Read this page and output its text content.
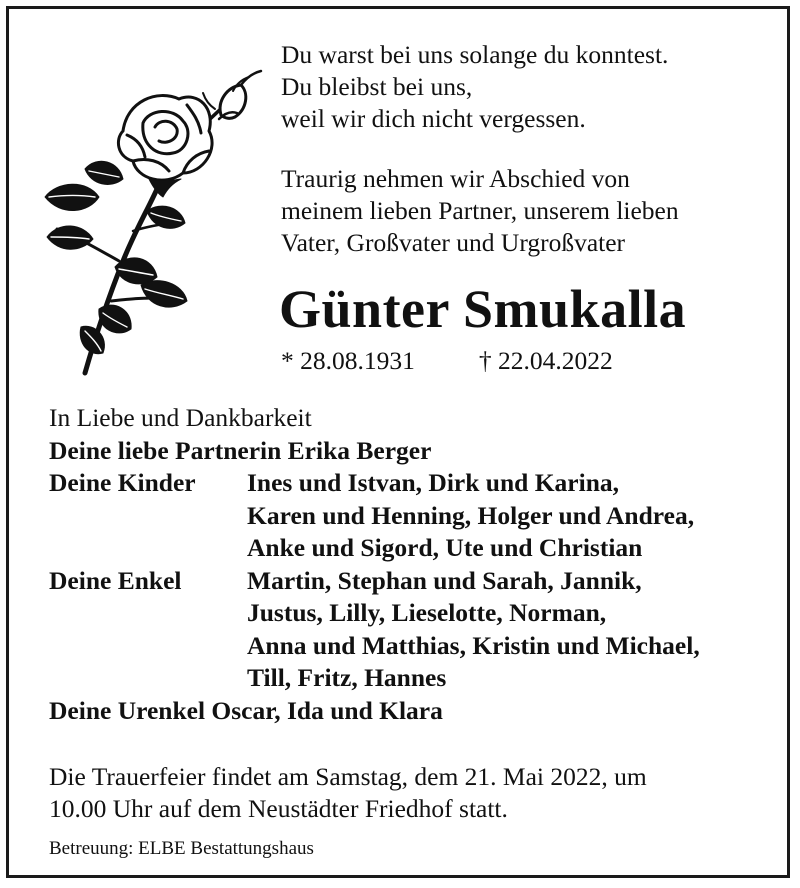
Du warst bei uns solange du konntest.
Du bleibst bei uns,
weil wir dich nicht vergessen.
Traurig nehmen wir Abschied von
meinem lieben Partner, unserem lieben
Vater, Großvater und Urgroßvater
Günter Smukalla
* 28.08.1931	† 22.04.2022
In Liebe und Dankbarkeit
Deine liebe Partnerin Erika Berger
Deine Kinder	Ines und Istvan, Dirk und Karina,
Karen und Henning, Holger und Andrea,
Anke und Sigord, Ute und Christian
Deine Enkel	Martin, Stephan und Sarah, Jannik,
Justus, Lilly, Lieselotte, Norman,
Anna und Matthias, Kristin und Michael,
Till, Fritz, Hannes
Deine Urenkel Oscar, Ida und Klara
Die Trauerfeier findet am Samstag, dem 21. Mai 2022, um
10.00 Uhr auf dem Neustädter Friedhof statt.
Betreuung: ELBE Bestattungshaus
